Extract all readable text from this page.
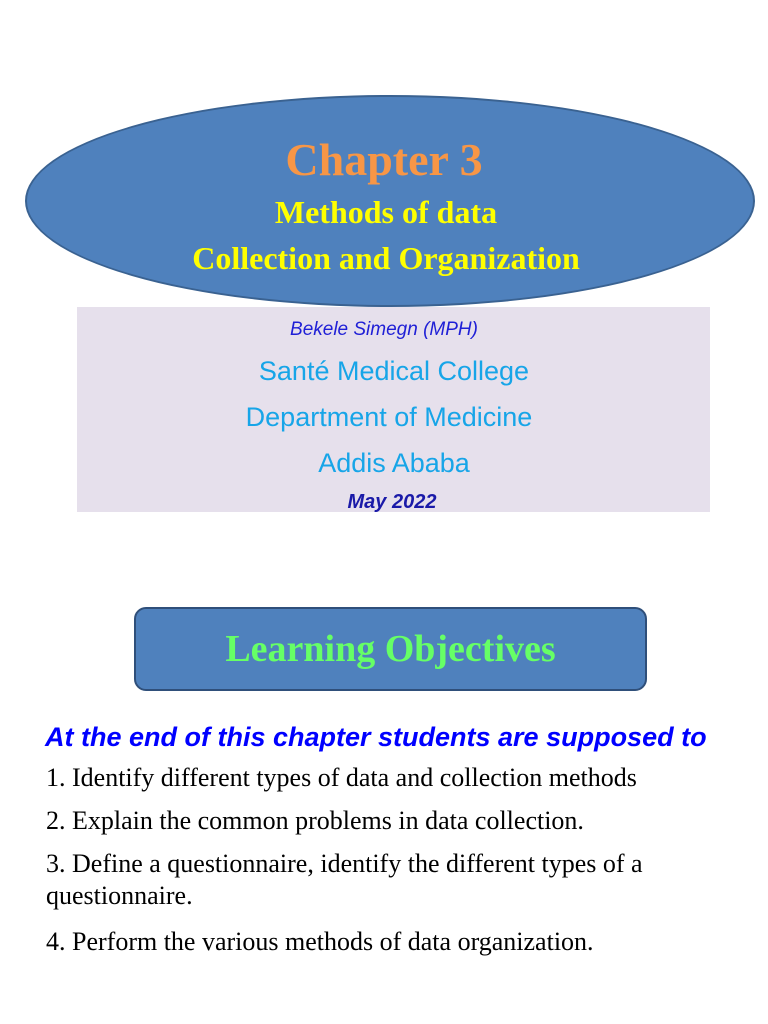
Chapter 3
Methods of data
Collection and Organization
Bekele Simegn (MPH)
Santé Medical College
Department of Medicine
Addis Ababa
May 2022
Learning Objectives
At the end of this chapter students are supposed to
1. Identify different types of data and collection methods
2. Explain the common problems in data collection.
3. Define a questionnaire, identify the different types of a questionnaire.
4. Perform the various methods of data organization.
